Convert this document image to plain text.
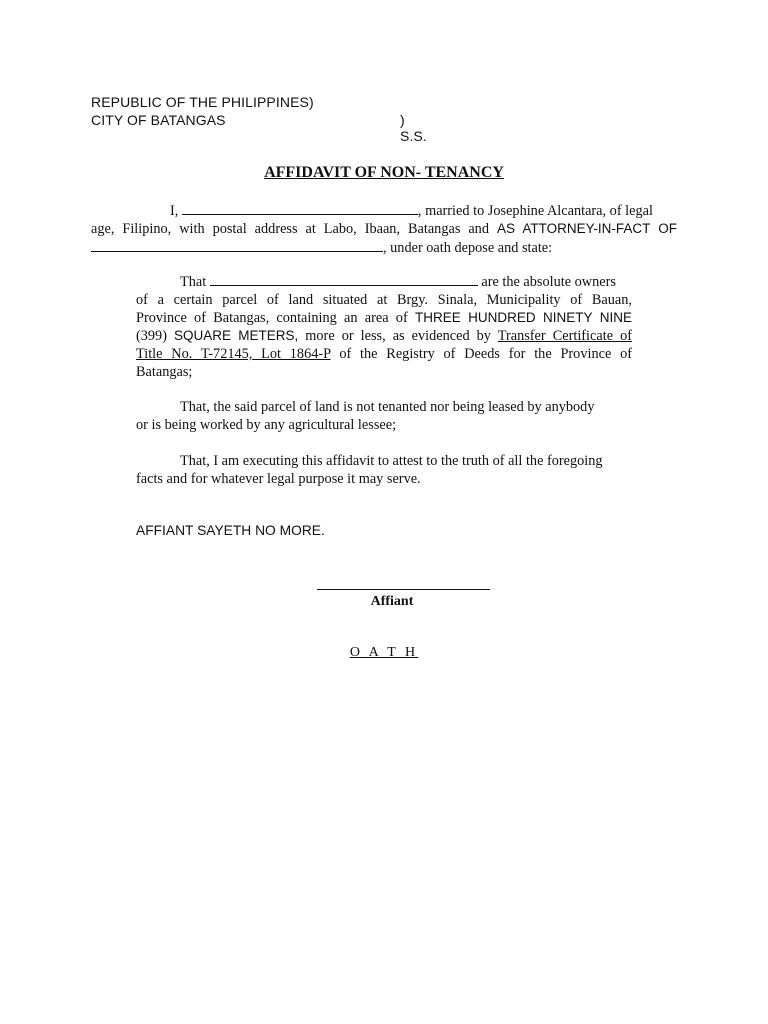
REPUBLIC OF THE PHILIPPINES)
CITY OF BATANGAS	) S.S.
AFFIDAVIT OF NON- TENANCY
I,	, married to Josephine Alcantara, of legal
age, Filipino, with postal address at Labo, Ibaan, Batangas and AS ATTORNEY-IN-FACT OF
, under oath depose and state:
That	are the absolute owners
of a certain parcel of land situated at Brgy. Sinala, Municipality of Bauan,
Province of Batangas, containing an area of THREE HUNDRED NINETY NINE
(399) SQUARE METERS, more or less, as evidenced by Transfer Certificate of
Title No. T-72145, Lot 1864-P of the Registry of Deeds for the Province of
Batangas;
That, the said parcel of land is not tenanted nor being leased by anybody
or is being worked by any agricultural lessee;
That, I am executing this affidavit to attest to the truth of all the foregoing
facts and for whatever legal purpose it may serve.
AFFIANT SAYETH NO MORE.
Affiant
O A T H
